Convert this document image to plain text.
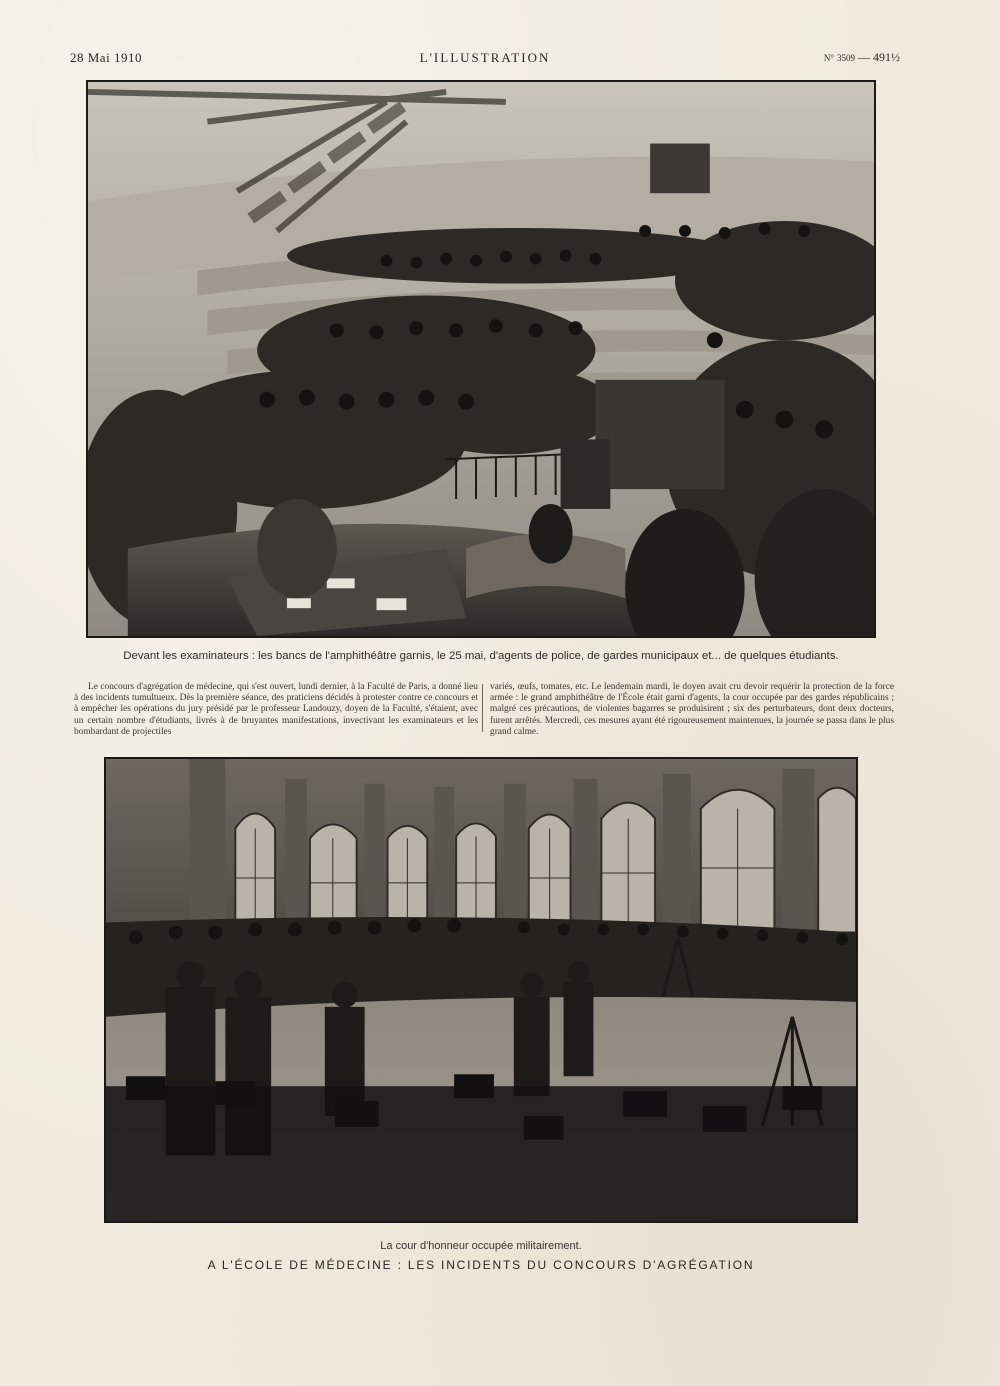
28 Mai 1910	L'ILLUSTRATION	N° 3509 — 491½
Devant les examinateurs : les bancs de l'amphithéâtre garnis, le 25 mai, d'agents de police, de gardes municipaux et... de quelques étudiants.
Le concours d'agrégation de médecine, qui s'est ouvert, lundi dernier, à la Faculté de Paris, a donné lieu à des incidents tumultueux. Dès la première séance, des praticiens décidés à protester contre ce concours et à empêcher les opérations du jury présidé par le professeur Landouzy, doyen de la Faculté, s'étaient, avec un certain nombre d'étudiants, livrés à de bruyantes manifestations, invectivant les examinateurs et les bombardant de projectiles
variés, œufs, tomates, etc. Le lendemain mardi, le doyen avait cru devoir requérir la protection de la force armée : le grand amphithéâtre de l'École était garni d'agents, la cour occupée par des gardes républicains ; malgré ces précautions, de violentes bagarres se produisirent ; six des perturbateurs, dont deux docteurs, furent arrêtés. Mercredi, ces mesures ayant été rigoureusement maintenues, la journée se passa dans le plus grand calme.
La cour d'honneur occupée militairement.
A L'ÉCOLE DE MÉDECINE : LES INCIDENTS DU CONCOURS D'AGRÉGATION
